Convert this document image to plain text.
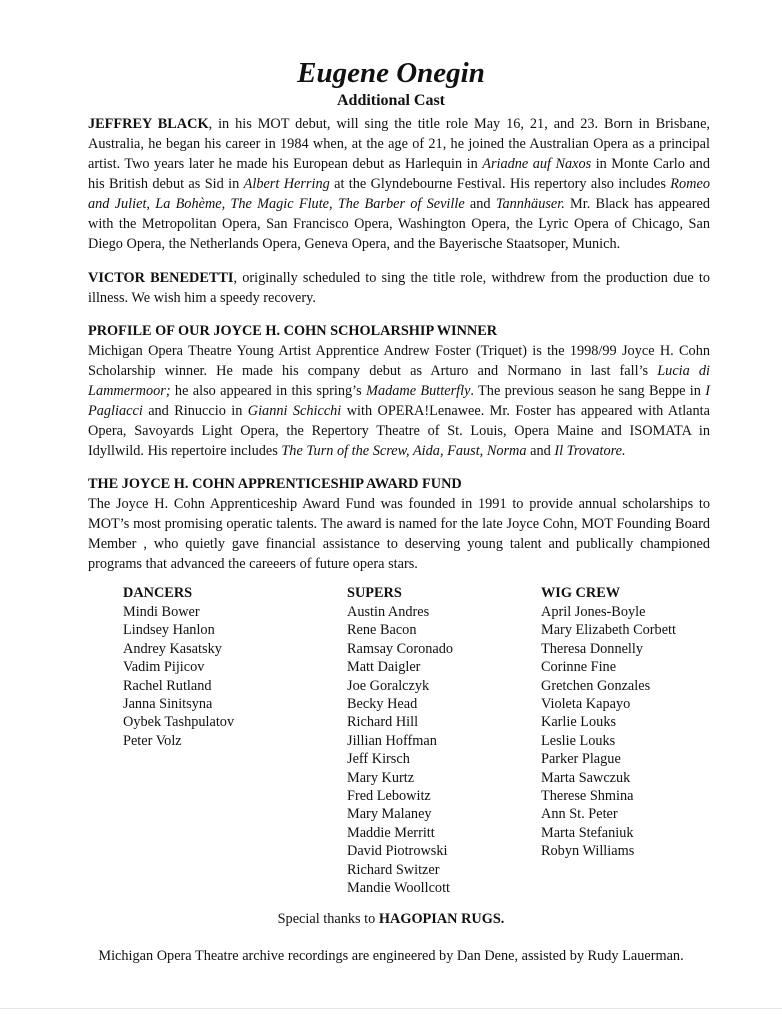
Eugene Onegin
Additional Cast

JEFFREY BLACK, in his MOT debut, will sing the title role May 16, 21, and 23. Born in Brisbane, Australia, he began his career in 1984 when, at the age of 21, he joined the Australian Opera as a principal artist. Two years later he made his European debut as Harlequin in Ariadne auf Naxos in Monte Carlo and his British debut as Sid in Albert Herring at the Glyndebourne Festival. His repertory also includes Romeo and Juliet, La Bohème, The Magic Flute, The Barber of Seville and Tannhäuser. Mr. Black has appeared with the Metropolitan Opera, San Francisco Opera, Washington Opera, the Lyric Opera of Chicago, San Diego Opera, the Netherlands Opera, Geneva Opera, and the Bayerische Staatsoper, Munich.

VICTOR BENEDETTI, originally scheduled to sing the title role, withdrew from the production due to illness. We wish him a speedy recovery.

PROFILE OF OUR JOYCE H. COHN SCHOLARSHIP WINNER

Michigan Opera Theatre Young Artist Apprentice Andrew Foster (Triquet) is the 1998/99 Joyce H. Cohn Scholarship winner. He made his company debut as Arturo and Normano in last fall’s Lucia di Lammermoor; he also appeared in this spring’s Madame Butterfly. The previous season he sang Beppe in I Pagliacci and Rinuccio in Gianni Schicchi with OPERA!Lenawee. Mr. Foster has appeared with Atlanta Opera, Savoyards Light Opera, the Repertory Theatre of St. Louis, Opera Maine and ISOMATA in Idyllwild. His repertoire includes The Turn of the Screw, Aida, Faust, Norma and Il Trovatore.

THE JOYCE H. COHN APPRENTICESHIP AWARD FUND

The Joyce H. Cohn Apprenticeship Award Fund was founded in 1991 to provide annual scholarships to MOT’s most promising operatic talents. The award is named for the late Joyce Cohn, MOT Founding Board Member , who quietly gave financial assistance to deserving young talent and publically championed programs that advanced the careeers of future opera stars.

DANCERS
Mindi Bower
Lindsey Hanlon
Andrey Kasatsky
Vadim Pijicov
Rachel Rutland
Janna Sinitsyna
Oybek Tashpulatov
Peter Volz
SUPERS
Austin Andres
Rene Bacon
Ramsay Coronado
Matt Daigler
Joe Goralczyk
Becky Head
Richard Hill
Jillian Hoffman
Jeff Kirsch
Mary Kurtz
Fred Lebowitz
Mary Malaney
Maddie Merritt
David Piotrowski
Richard Switzer
Mandie Woollcott
WIG CREW
April Jones-Boyle
Mary Elizabeth Corbett
Theresa Donnelly
Corinne Fine
Gretchen Gonzales
Violeta Kapayo
Karlie Louks
Leslie Louks
Parker Plague
Marta Sawczuk
Therese Shmina
Ann St. Peter
Marta Stefaniuk
Robyn Williams
Special thanks to HAGOPIAN RUGS.
Michigan Opera Theatre archive recordings are engineered by Dan Dene, assisted by Rudy Lauerman.
